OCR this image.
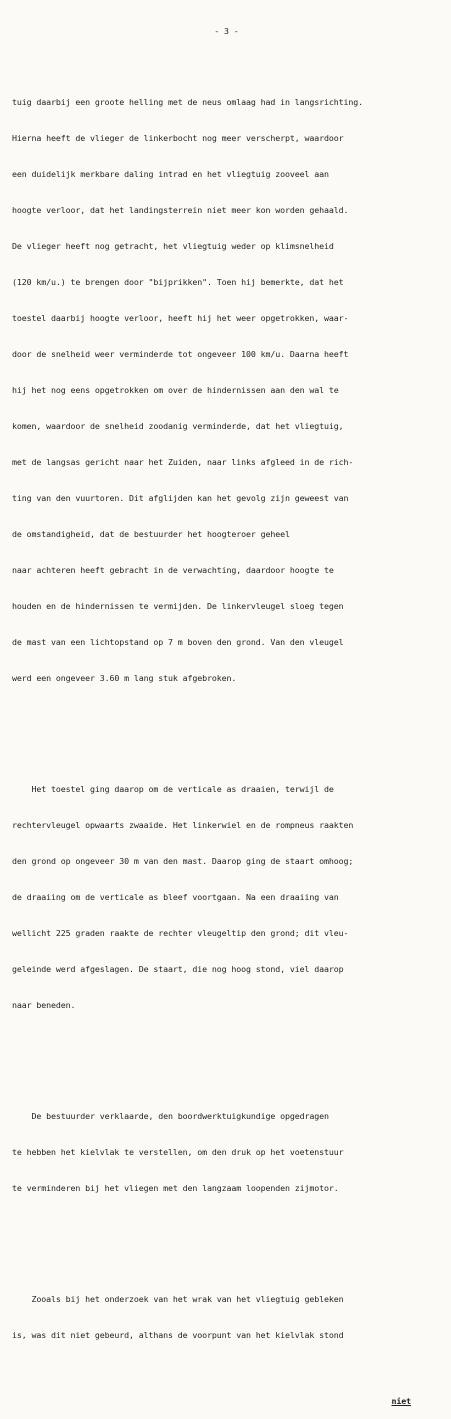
- 3 -

tuig daarbij een groote helling met de neus omlaag had in langsrichting.

Hierna heeft de vlieger de linkerbocht nog meer verscherpt, waardoor

een duidelijk merkbare daling intrad en het vliegtuig zooveel aan

hoogte verloor, dat het landingsterrein niet meer kon worden gehaald.

De vlieger heeft nog getracht, het vliegtuig weder op klimsnelheid

(120 km/u.) te brengen door "bijprikken". Toen hij bemerkte, dat het

toestel daarbij hoogte verloor, heeft hij het weer opgetrokken, waar-

door de snelheid weer verminderde tot ongeveer 100 km/u. Daarna heeft

hij het nog eens opgetrokken om over de hindernissen aan den wal te

komen, waardoor de snelheid zoodanig verminderde, dat het vliegtuig,

met de langsas gericht naar het Zuiden, naar links afgleed in de rich-

ting van den vuurtoren. Dit afglijden kan het gevolg zijn geweest van

de omstandigheid, dat de bestuurder het hoogteroer geheel

naar achteren heeft gebracht in de verwachting, daardoor hoogte te

houden en de hindernissen te vermijden. De linkervleugel sloeg tegen

de mast van een lichtopstand op 7 m boven den grond. Van den vleugel

werd een ongeveer 3.60 m lang stuk afgebroken.

Het toestel ging daarop om de verticale as draaien, terwijl de

rechtervleugel opwaarts zwaaide. Het linkerwiel en de rompneus raakten

den grond op ongeveer 30 m van den mast. Daarop ging de staart omhoog;

de draaiing om de verticale as bleef voortgaan. Na een draaiing van

wellicht 225 graden raakte de rechter vleugeltip den grond; dit vleu-

geleinde werd afgeslagen. De staart, die nog hoog stond, viel daarop

naar beneden.

De bestuurder verklaarde, den boordwerktuigkundige opgedragen

te hebben het kielvlak te verstellen, om den druk op het voetenstuur

te verminderen bij het vliegen met den langzaam loopenden zijmotor.

Zooals bij het onderzoek van het wrak van het vliegtuig gebleken

is, was dit niet gebeurd, althans de voorpunt van het kielvlak stond

niet
